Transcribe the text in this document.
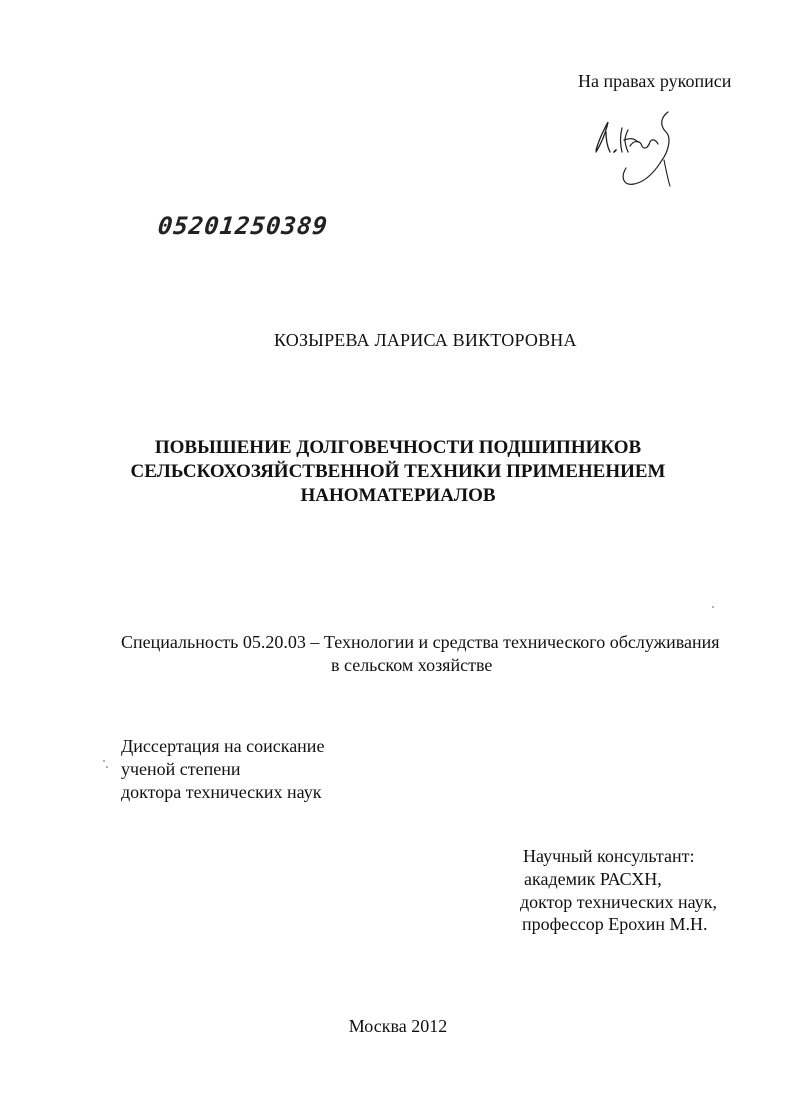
На правах рукописи
05201250389
КОЗЫРЕВА ЛАРИСА ВИКТОРОВНА
ПОВЫШЕНИЕ ДОЛГОВЕЧНОСТИ ПОДШИПНИКОВ
СЕЛЬСКОХОЗЯЙСТВЕННОЙ ТЕХНИКИ ПРИМЕНЕНИЕМ
НАНОМАТЕРИАЛОВ
Специальность 05.20.03 – Технологии и средства технического обслуживания
в сельском хозяйстве
Диссертация на соискание
ученой степени
доктора технических наук
Научный консультант:
академик РАСХН,
доктор технических наук,
профессор Ерохин М.Н.
Москва 2012
